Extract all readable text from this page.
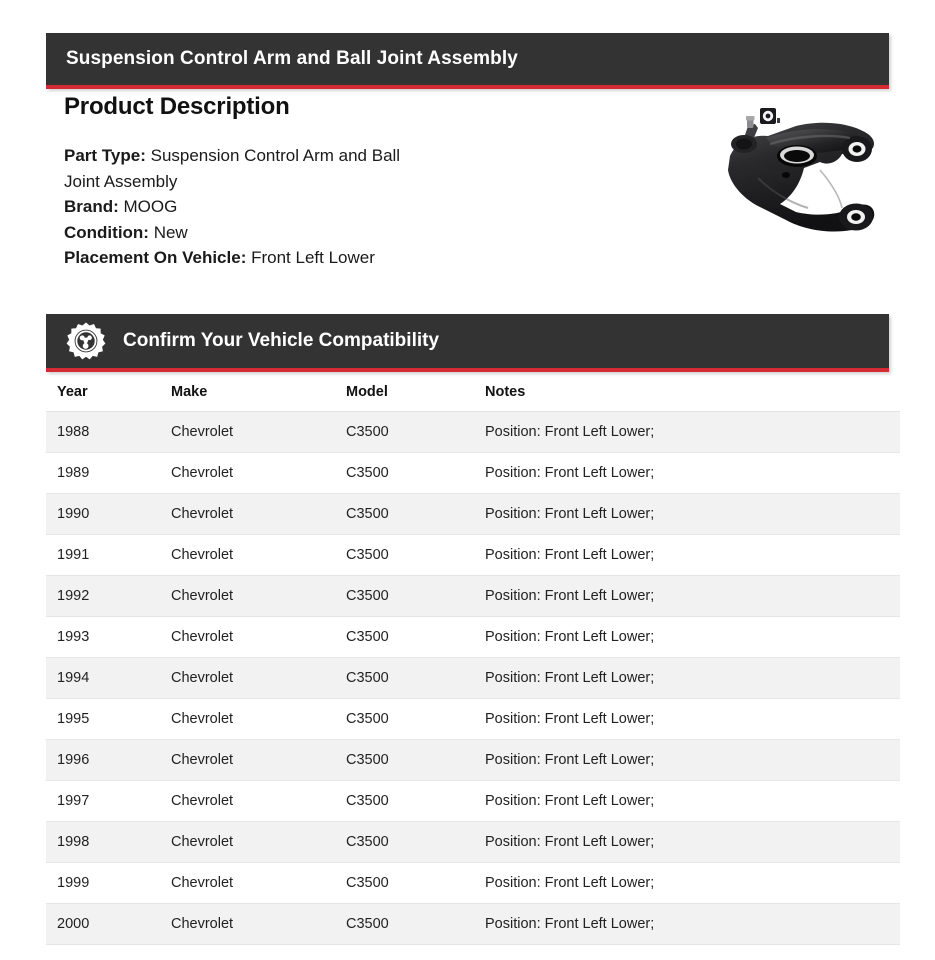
Suspension Control Arm and Ball Joint Assembly
Product Description

Part Type: Suspension Control Arm and Ball Joint Assembly

Brand: MOOG

Condition: New

Placement On Vehicle: Front Left Lower

Confirm Your Vehicle Compatibility
Year	Make	Model	Notes
1988	Chevrolet	C3500	Position: Front Left Lower;
1989	Chevrolet	C3500	Position: Front Left Lower;
1990	Chevrolet	C3500	Position: Front Left Lower;
1991	Chevrolet	C3500	Position: Front Left Lower;
1992	Chevrolet	C3500	Position: Front Left Lower;
1993	Chevrolet	C3500	Position: Front Left Lower;
1994	Chevrolet	C3500	Position: Front Left Lower;
1995	Chevrolet	C3500	Position: Front Left Lower;
1996	Chevrolet	C3500	Position: Front Left Lower;
1997	Chevrolet	C3500	Position: Front Left Lower;
1998	Chevrolet	C3500	Position: Front Left Lower;
1999	Chevrolet	C3500	Position: Front Left Lower;
2000	Chevrolet	C3500	Position: Front Left Lower;
